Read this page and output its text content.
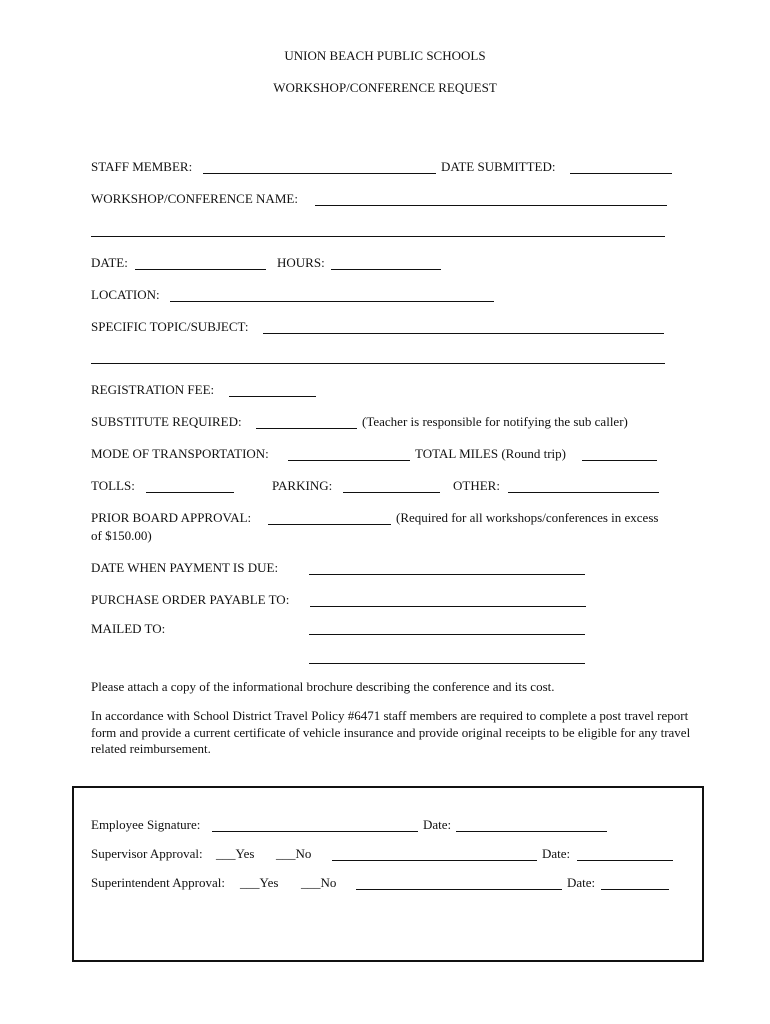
UNION BEACH PUBLIC SCHOOLS
WORKSHOP/CONFERENCE REQUEST
STAFF MEMBER:	DATE SUBMITTED:
WORKSHOP/CONFERENCE NAME:
DATE:	HOURS:
LOCATION:
SPECIFIC TOPIC/SUBJECT:
REGISTRATION FEE:
SUBSTITUTE REQUIRED:	(Teacher is responsible for notifying the sub caller)
MODE OF TRANSPORTATION:	TOTAL MILES (Round trip)
TOLLS:	PARKING:	OTHER:
PRIOR BOARD APPROVAL:	(Required for all workshops/conferences in excess
of $150.00)
DATE WHEN PAYMENT IS DUE:
PURCHASE ORDER PAYABLE TO:
MAILED TO:
Please attach a copy of the informational brochure describing the conference and its cost.
In accordance with School District Travel Policy #6471 staff members are required to complete a post travel report form and provide a current certificate of vehicle insurance and provide original receipts to be eligible for any travel related reimbursement.
Employee Signature:	Date:
Supervisor Approval: ___Yes ___No	Date:
Superintendent Approval: ___Yes ___No	Date:
